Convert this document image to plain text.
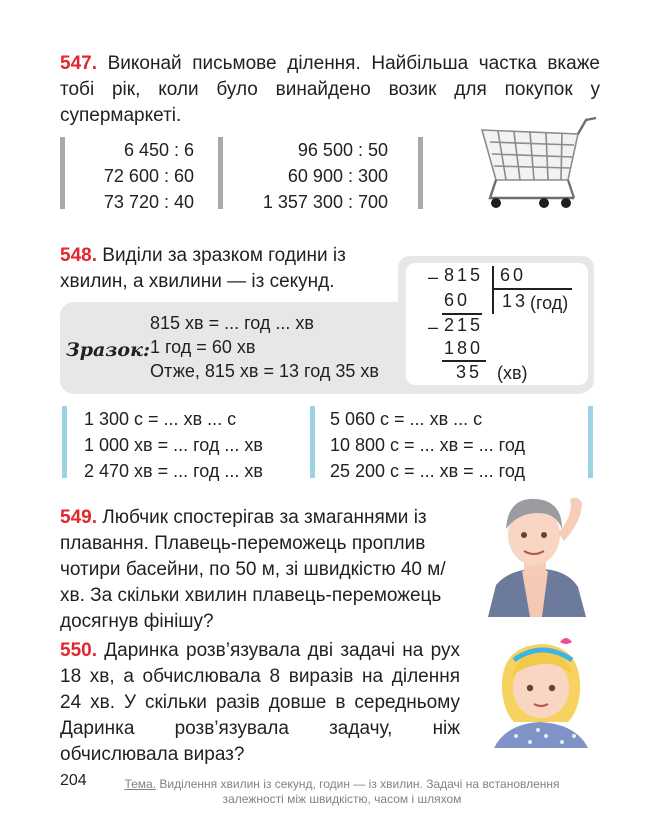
547. Виконай письмове ділення. Найбільша частка вкаже тобі рік, коли було винайдено возик для покупок у супермаркеті.
6 450 : 6
72 600 : 60
73 720 : 40
96 500 : 50
60 900 : 300
1 357 300 : 700
548. Виділи за зразком години із хвилин, а хвилини — із секунд.
Зразок:
815 хв = ... год ... хв
1 год = 60 хв
Отже, 815 хв = 13 год 35 хв
– 815 60
60 13 (год)
– 215
180
35 (хв)
1 300 с = ... хв ... с
1 000 хв = ... год ... хв
2 470 хв = ... год ... хв
5 060 с = ... хв ... с
10 800 с = ... хв = ... год
25 200 с = ... хв = ... год
549. Любчик спостерігав за змаганнями із плавання. Плавець-переможець проплив чотири басейни, по 50 м, зі швидкістю 40 м/хв. За скільки хвилин плавець-переможець досягнув фінішу?
550. Даринка розв’язувала дві задачі на рух 18 хв, а обчислювала 8 виразів на ділення 24 хв. У скільки разів довше в середньому Даринка розв’язувала задачу, ніж обчислювала вираз?
204	Тема. Виділення хвилин із секунд, годин — із хвилин. Задачі на встановлення залежності між швидкістю, часом і шляхом
